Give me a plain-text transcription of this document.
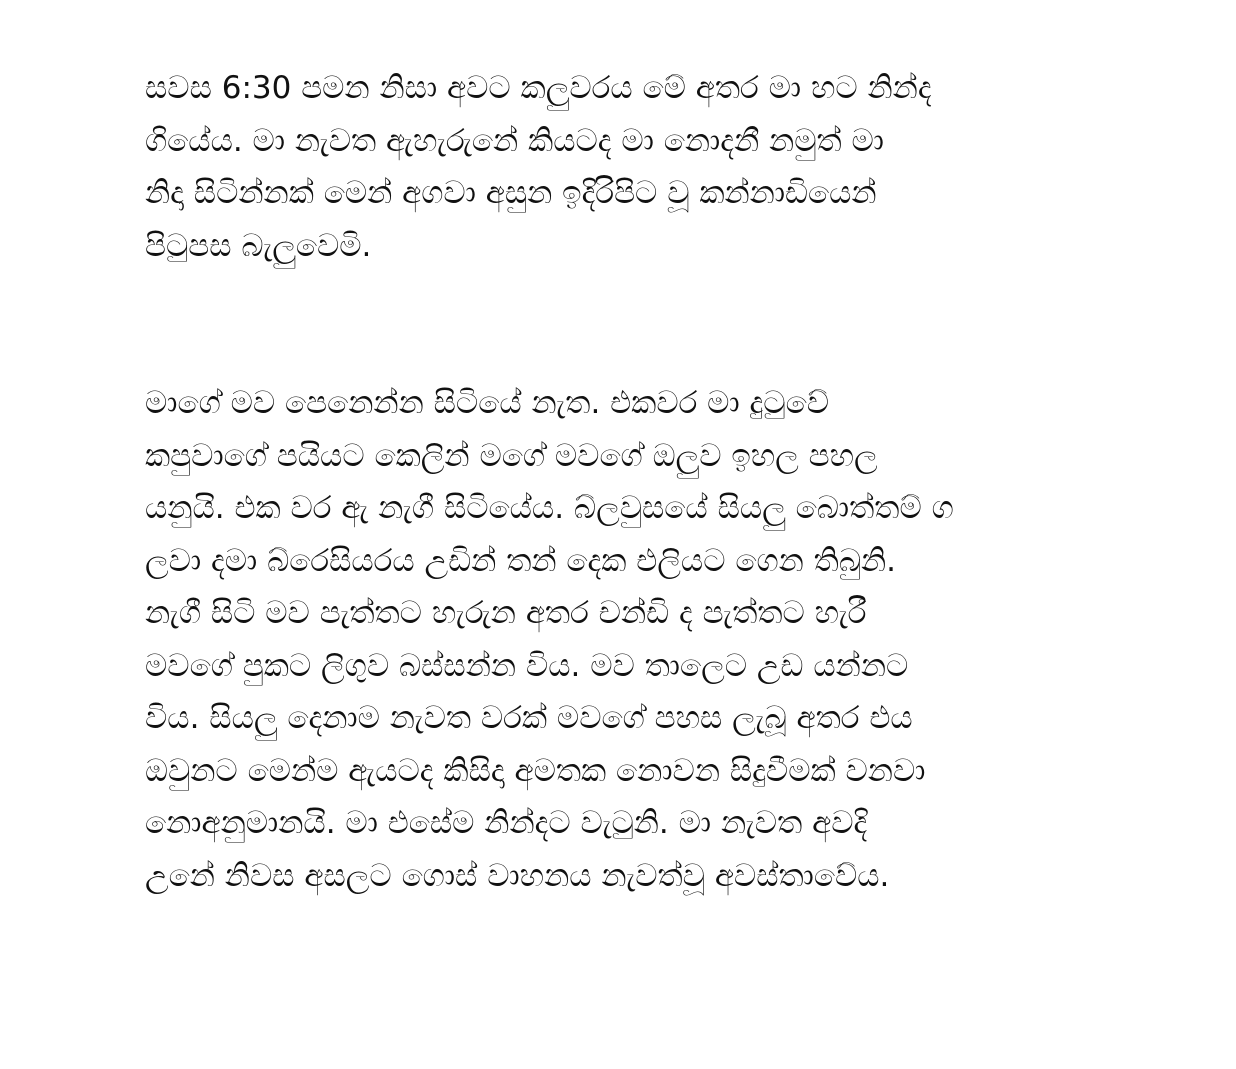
සවස 6:30 පමන නිසා අවට කලුවරය මේ අතර මා හට නින්ද
ගියේය. මා නැවත ඇහැරුනේ කියටද මා නොදනී නමුත් මා
නිදා සිටින්නක් මෙන් අගවා අසුන ඉදිරිපිට වූ කන්නාඩියෙන්
පිටුපස බැලුවෙමි.
මාගේ මව පෙනෙන්න සිටියේ නැත. එකවර මා දුටුවේ
කපුවාගේ පයියට කෙලින් මගේ මවගේ ඔලුව ඉහල පහල
යනුයි. එක වර ඇ නැගී සිටියේය. බ්ලවුසයේ සියලු බොත්තම් ග
ලවා දමා බ්රෙසියරය උඩින් තන් දෙක එලියට ගෙන තිබුනි.
නැගී සිටි මව පැත්තට හැරුන අතර චන්ඩි ද පැත්තට හැරී
මවගේ පුකට ලිගුව බස්සන්න විය. මව තාලෙට උඩ යන්නට
විය. සියලු දෙනාම නැවත වරක් මවගේ පහස ලැබූ අතර එය
ඔවුනට මෙන්ම ඇයටද කිසිදා අමතක නොවන සිදුවීමක් වනවා
නොඅනුමානයි. මා එසේම නින්දට වැටුනි. මා නැවත අවදි
උනේ නිවස අසලට ගොස් වාහනය නැවත්වූ අවස්තාවේය.
